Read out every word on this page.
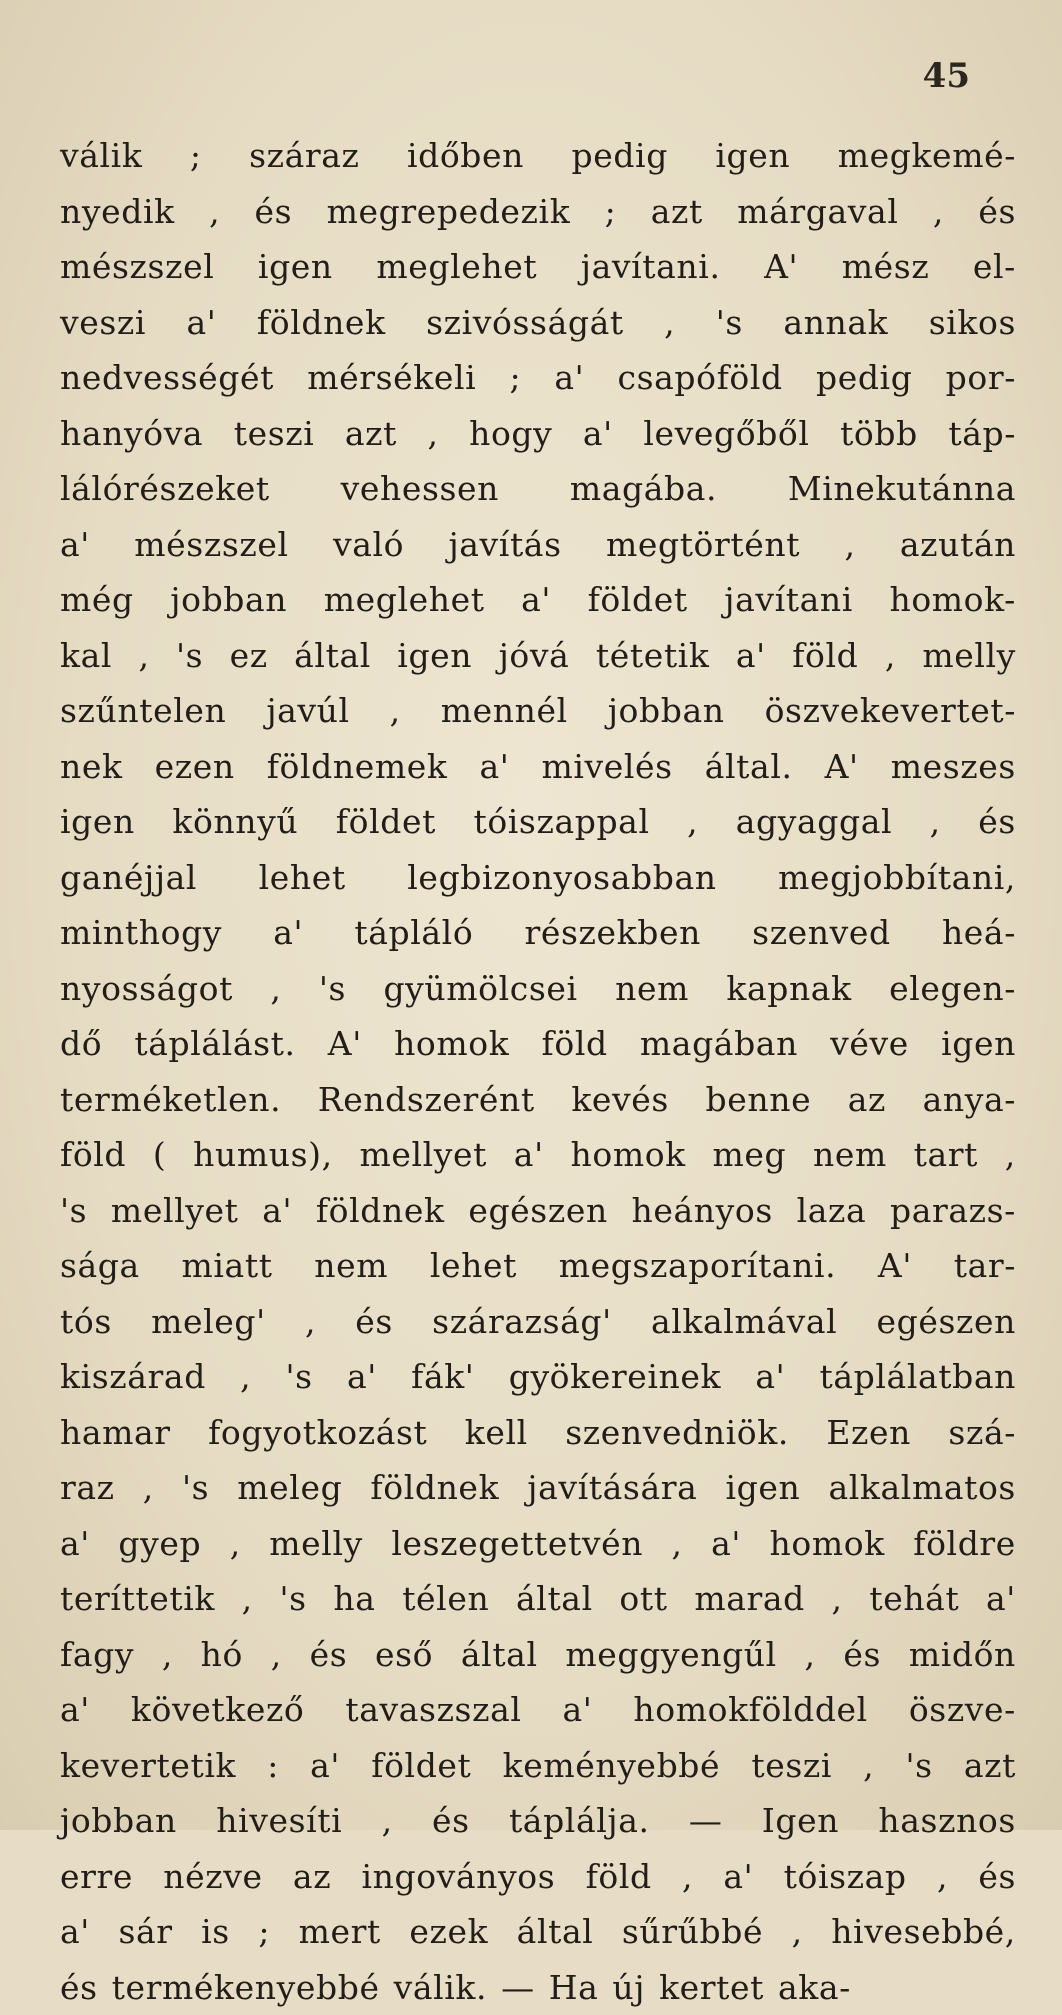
45
válik ; száraz időben pedig igen megkemé-
nyedik , és megrepedezik ; azt márgaval , és
mészszel igen meglehet javítani. A' mész el-
veszi a' földnek szivósságát , 's annak sikos
nedvességét mérsékeli ; a' csapóföld pedig por-
hanyóva teszi azt , hogy a' levegőből több táp-
lálórészeket vehessen magába. Minekutánna
a' mészszel való javítás megtörtént , azután
még jobban meglehet a' földet javítani homok-
kal , 's ez által igen jóvá tétetik a' föld , melly
szűntelen javúl , mennél jobban öszvekevertet-
nek ezen földnemek a' mivelés által. A' meszes
igen könnyű földet tóiszappal , agyaggal , és
ganéjjal lehet legbizonyosabban megjobbítani,
minthogy a' tápláló részekben szenved heá-
nyosságot , 's gyümölcsei nem kapnak elegen-
dő táplálást. A' homok föld magában véve igen
terméketlen. Rendszerént kevés benne az anya-
föld ( humus), mellyet a' homok meg nem tart ,
's mellyet a' földnek egészen heányos laza parazs-
sága miatt nem lehet megszaporítani. A' tar-
tós meleg' , és szárazság' alkalmával egészen
kiszárad , 's a' fák' gyökereinek a' táplálatban
hamar fogyotkozást kell szenvedniök. Ezen szá-
raz , 's meleg földnek javítására igen alkalmatos
a' gyep , melly leszegettetvén , a' homok földre
teríttetik , 's ha télen által ott marad , tehát a'
fagy , hó , és eső által meggyengűl , és midőn
a' következő tavaszszal a' homokfölddel öszve-
kevertetik : a' földet keményebbé teszi , 's azt
jobban hivesíti , és táplálja. — Igen hasznos
erre nézve az ingoványos föld , a' tóiszap , és
a' sár is ; mert ezek által sűrűbbé , hivesebbé,
és termékenyebbé válik. — Ha új kertet aka-
